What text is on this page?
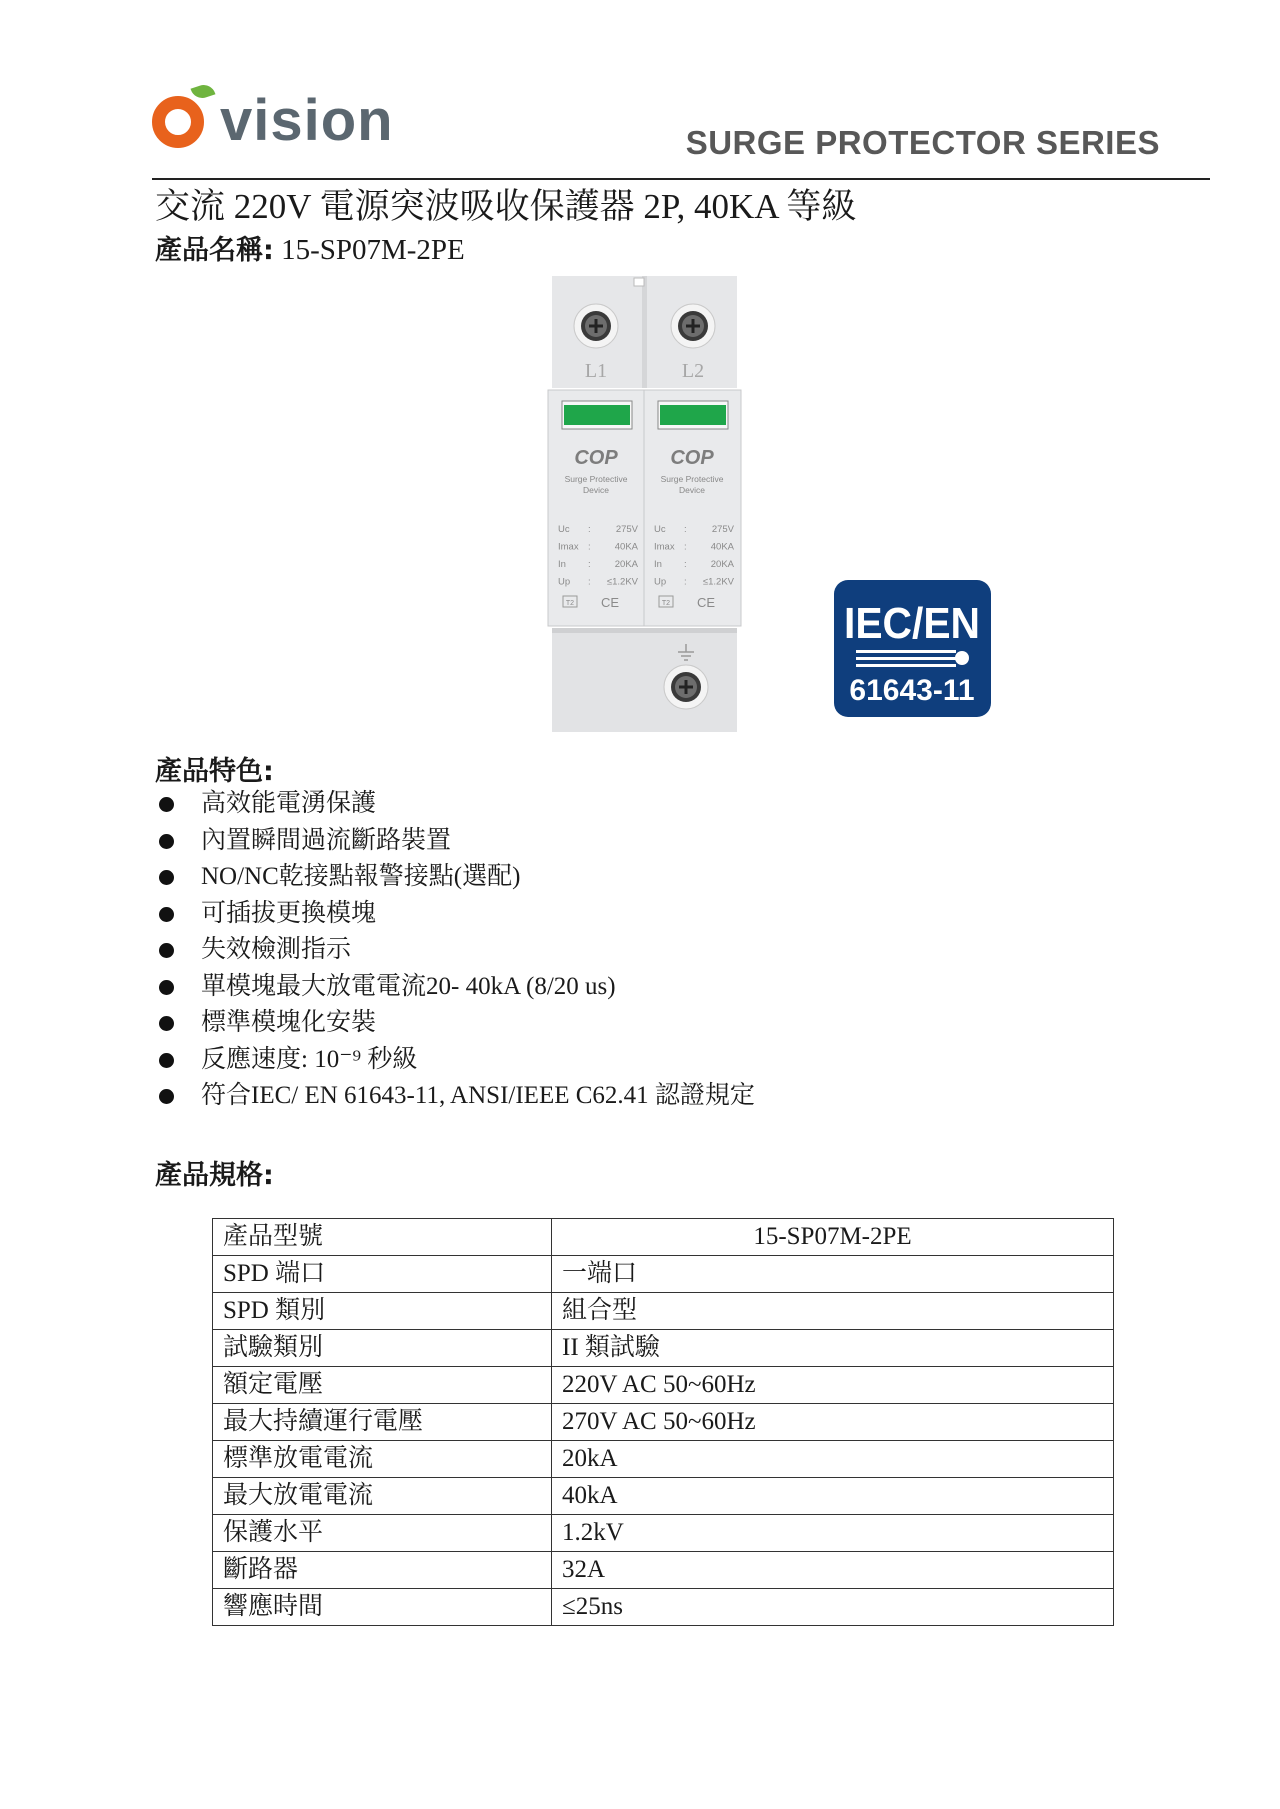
vision	SURGE PROTECTOR SERIES
交流 220V 電源突波吸收保護器 2P, 40KA 等級
產品名稱: 15-SP07M-2PE
L1	L2
COP
Surge Protective
Device
Uc :	275V
Imax :	40KA
In :	20KA
Up : ≤1.2KV
T2 CE
COP
Surge Protective
Device
Uc :	275V
Imax :	40KA
In :	20KA
Up : ≤1.2KV
T2 CE	IEC/EN
61643-11
產品特色:
高效能電湧保護
內置瞬間過流斷路裝置
NO/NC乾接點報警接點(選配)
可插拔更換模塊
失效檢測指示
單模塊最大放電電流20- 40kA (8/20 us)
標準模塊化安裝
反應速度: 10⁻⁹ 秒級
符合IEC/ EN 61643-11, ANSI/IEEE C62.41 認證規定
產品規格:
產品型號	15-SP07M-2PE
SPD 端口	一端口
SPD 類別	組合型
試驗類別	II 類試驗
額定電壓	220V AC 50~60Hz
最大持續運行電壓	270V AC 50~60Hz
標準放電電流	20kA
最大放電電流	40kA
保護水平	1.2kV
斷路器	32A
響應時間	≤25ns
